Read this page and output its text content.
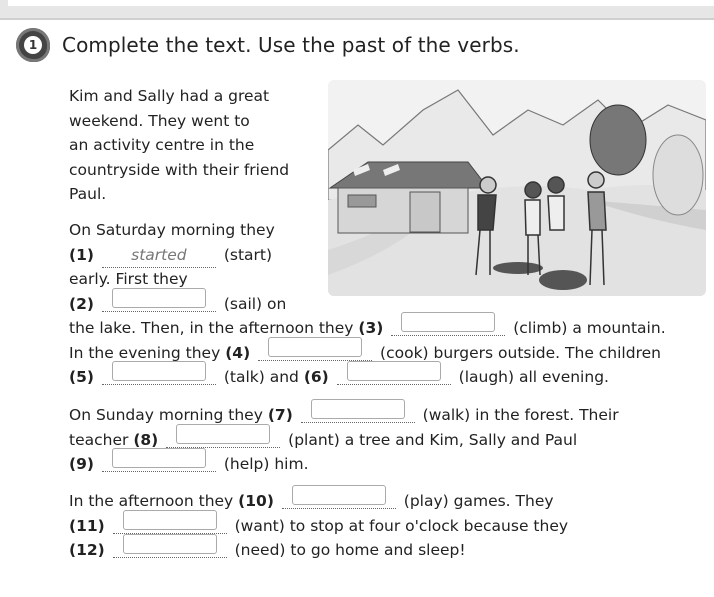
1 Complete the text. Use the past of the verbs.
Kim and Sally had a great
weekend. They went to
an activity centre in the
countryside with their friend
Paul.
On Saturday morning they
(1) started (start)
early. First they
(2)	(sail) on
the lake. Then, in the afternoon they (3)	(climb) a mountain.
In the evening they (4)	(cook) burgers outside. The children
(5)	(talk) and (6)	(laugh) all evening.
On Sunday morning they (7)	(walk) in the forest. Their
teacher (8)	(plant) a tree and Kim, Sally and Paul
(9)	(help) him.
In the afternoon they (10)	(play) games. They
(11)	(want) to stop at four o'clock because they
(12)	(need) to go home and sleep!
